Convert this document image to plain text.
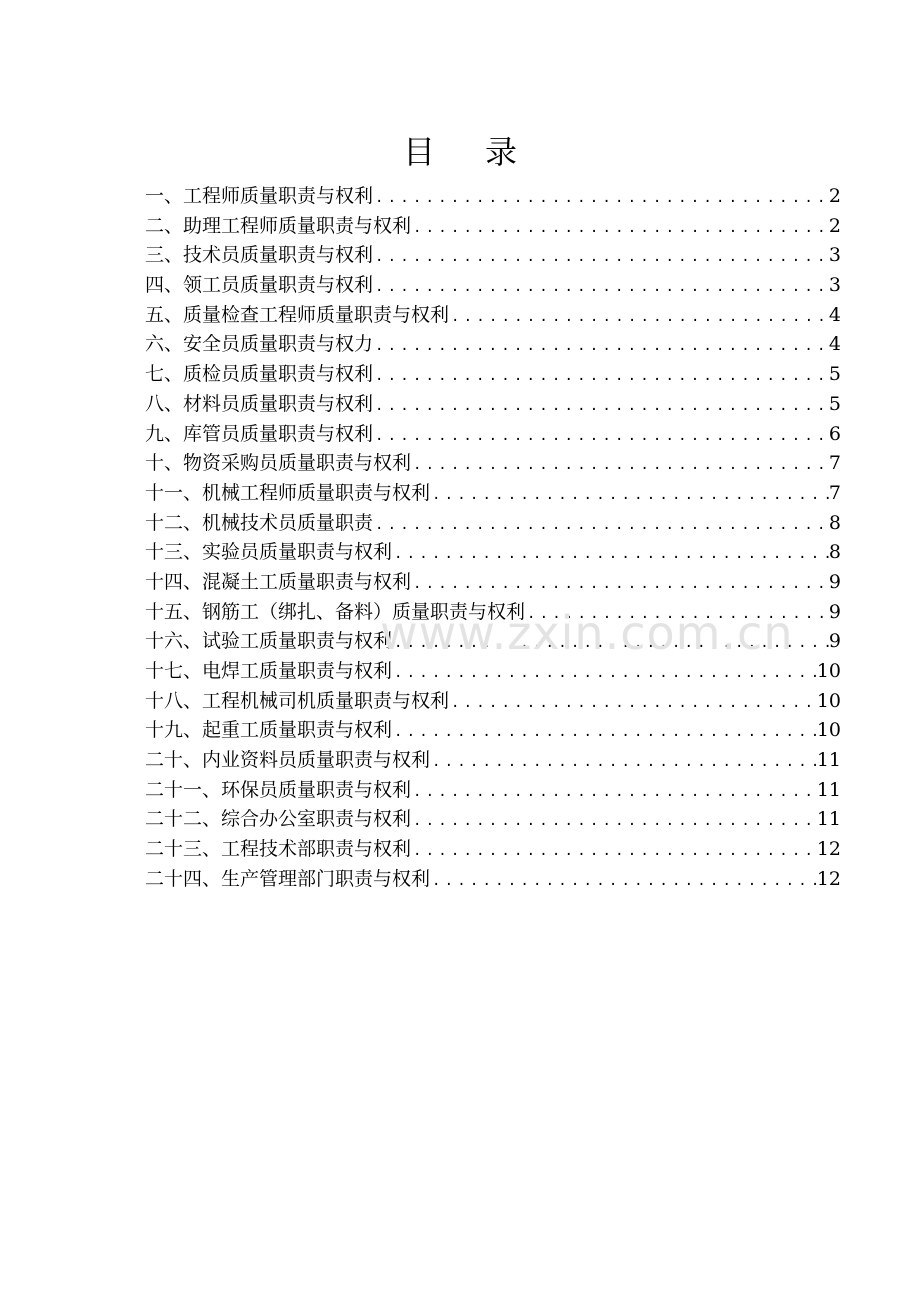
目 录
一、工程师质量职责与权利 .....	2
二、助理工程师质量职责与权利 .....	2
三、技术员质量职责与权利 .....	3
四、领工员质量职责与权利 .....	3
五、质量检查工程师质量职责与权利 .....	4
六、安全员质量职责与权力 .....	4
七、质检员质量职责与权利 .....	5
八、材料员质量职责与权利 .....	5
九、库管员质量职责与权利 .....	6
十、物资采购员质量职责与权利 .....	7
十一、机械工程师质量职责与权利 .....	7
十二、机械技术员质量职责 .....	8
十三、实验员质量职责与权利 .....	8
十四、混凝土工质量职责与权利 .....	9
十五、钢筋工（绑扎、备料）质量职责与权利 .....	9
十六、试验工质量职责与权利 .....	9
十七、电焊工质量职责与权利 .....	10
十八、工程机械司机质量职责与权利 .....	10
十九、起重工质量职责与权利 .....	10
二十、内业资料员质量职责与权利 .....	11
二十一、环保员质量职责与权利 .....	11
二十二、综合办公室职责与权利 .....	11
二十三、工程技术部职责与权利 .....	12
二十四、生产管理部门职责与权利 .....	12
www.zxin.com.cn
